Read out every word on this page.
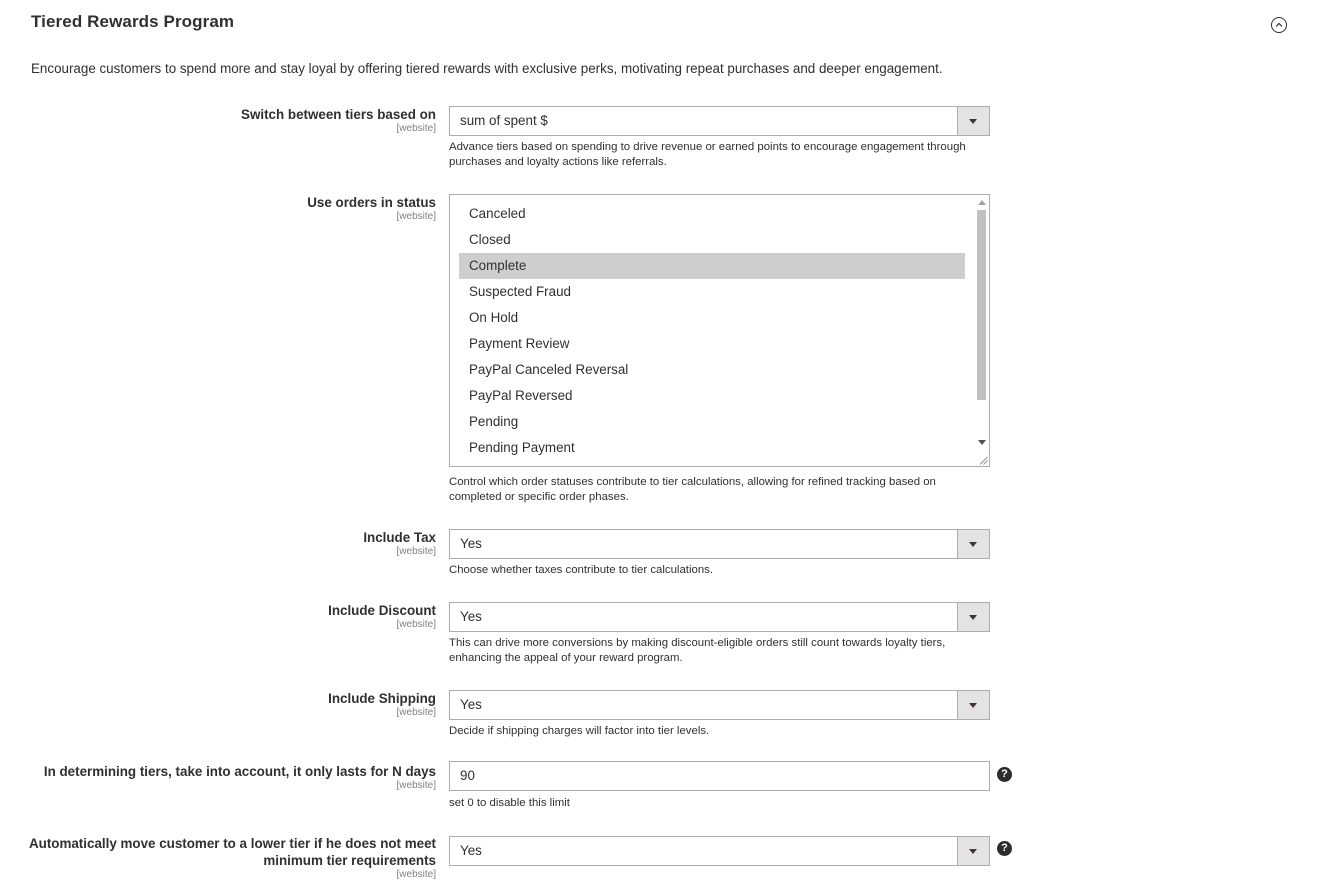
Tiered Rewards Program
Encourage customers to spend more and stay loyal by offering tiered rewards with exclusive perks, motivating repeat purchases and deeper engagement.
Switch between tiers based on
[website]
sum of spent $
Advance tiers based on spending to drive revenue or earned points to encourage engagement through purchases and loyalty actions like referrals.
Use orders in status
[website]	Canceled
Closed
Complete
Suspected Fraud
On Hold
Payment Review
PayPal Canceled Reversal
PayPal Reversed
Pending
Pending Payment
Control which order statuses contribute to tier calculations, allowing for refined tracking based on completed or specific order phases.
Include Tax
[website]
Yes
Choose whether taxes contribute to tier calculations.
Include Discount
[website]
Yes
This can drive more conversions by making discount-eligible orders still count towards loyalty tiers, enhancing the appeal of your reward program.
Include Shipping
[website]
Yes
Decide if shipping charges will factor into tier levels.
In determining tiers, take into account, it only lasts for N days
[website]
90	?
set 0 to disable this limit
Automatically move customer to a lower tier if he does not meet
minimum tier requirements
[website]
Yes	?
